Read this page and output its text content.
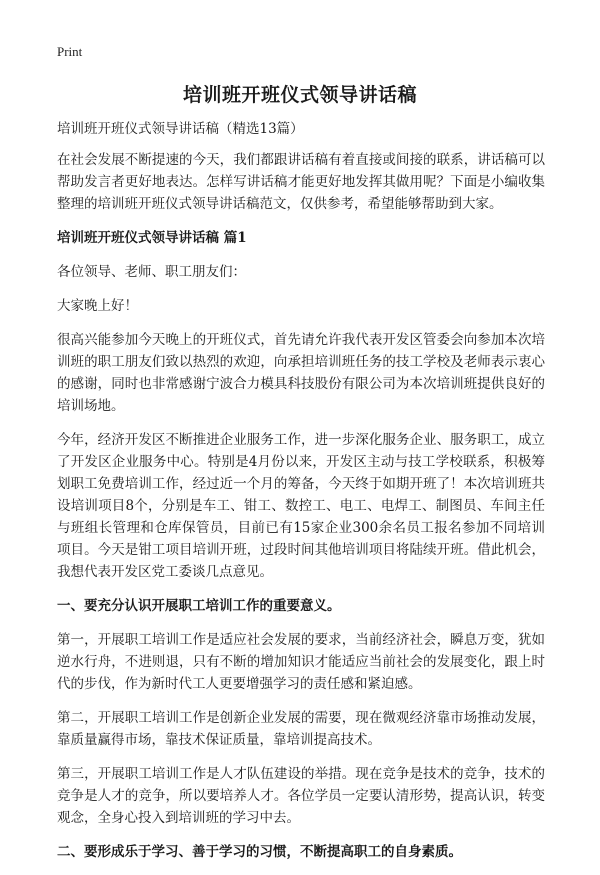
Print
培训班开班仪式领导讲话稿

培训班开班仪式领导讲话稿（精选13篇）

在社会发展不断提速的今天，我们都跟讲话稿有着直接或间接的联系，讲话稿可以帮助发言者更好地表达。怎样写讲话稿才能更好地发挥其做用呢？下面是小编收集整理的培训班开班仪式领导讲话稿范文，仅供参考，希望能够帮助到大家。

培训班开班仪式领导讲话稿 篇1

各位领导、老师、职工朋友们：

大家晚上好！

很高兴能参加今天晚上的开班仪式，首先请允许我代表开发区管委会向参加本次培训班的职工朋友们致以热烈的欢迎，向承担培训班任务的技工学校及老师表示衷心的感谢，同时也非常感谢宁波合力模具科技股份有限公司为本次培训班提供良好的培训场地。

今年，经济开发区不断推进企业服务工作，进一步深化服务企业、服务职工，成立了开发区企业服务中心。特别是4月份以来，开发区主动与技工学校联系，积极筹划职工免费培训工作，经过近一个月的筹备，今天终于如期开班了！本次培训班共设培训项目8个，分别是车工、钳工、数控工、电工、电焊工、制图员、车间主任与班组长管理和仓库保管员，目前已有15家企业300余名员工报名参加不同培训项目。今天是钳工项目培训开班，过段时间其他培训项目将陆续开班。借此机会，我想代表开发区党工委谈几点意见。

一、要充分认识开展职工培训工作的重要意义。

第一，开展职工培训工作是适应社会发展的要求，当前经济社会，瞬息万变，犹如逆水行舟，不进则退，只有不断的增加知识才能适应当前社会的发展变化，跟上时代的步伐，作为新时代工人更要增强学习的责任感和紧迫感。

第二，开展职工培训工作是创新企业发展的需要，现在微观经济靠市场推动发展，靠质量赢得市场，靠技术保证质量，靠培训提高技术。

第三，开展职工培训工作是人才队伍建设的举措。现在竞争是技术的竞争，技术的竞争是人才的竞争，所以要培养人才。各位学员一定要认清形势，提高认识，转变观念，全身心投入到培训班的学习中去。

二、要形成乐于学习、善于学习的习惯，不断提高职工的自身素质。
